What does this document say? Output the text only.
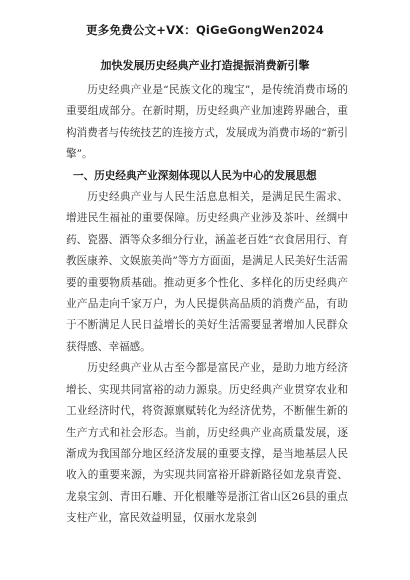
更多免费公文+VX：QiGeGongWen2024
加快发展历史经典产业打造提振消费新引擎

历史经典产业是“民族文化的瑰宝”，是传统消费市场的重要组成部分。在新时期，历史经典产业加速跨界融合，重构消费者与传统技艺的连接方式，发展成为消费市场的“新引擎”。

一、历史经典产业深刻体现以人民为中心的发展思想

历史经典产业与人民生活息息相关，是满足民生需求、增进民生福祉的重要保障。历史经典产业涉及茶叶、丝绸中药、瓷器、酒等众多细分行业，涵盖老百姓“衣食居用行、育教医康养、文娱旅美尚”等方方面面，是满足人民美好生活需要的重要物质基础。推动更多个性化、多样化的历史经典产业产品走向千家万户，为人民提供高品质的消费产品，有助于不断满足人民日益增长的美好生活需要显著增加人民群众获得感、幸福感。

历史经典产业从古至今都是富民产业，是助力地方经济增长、实现共同富裕的动力源泉。历史经典产业贯穿农业和工业经济时代，将资源禀赋转化为经济优势，不断催生新的生产方式和社会形态。当前，历史经典产业高质量发展，逐渐成为我国部分地区经济发展的重要支撑，是当地基层人民收入的重要来源，为实现共同富裕开辟新路径如龙泉青瓷、龙泉宝剑、青田石雕、开化根雕等是浙江省山区26县的重点支柱产业，富民效益明显，仅丽水龙泉剑
